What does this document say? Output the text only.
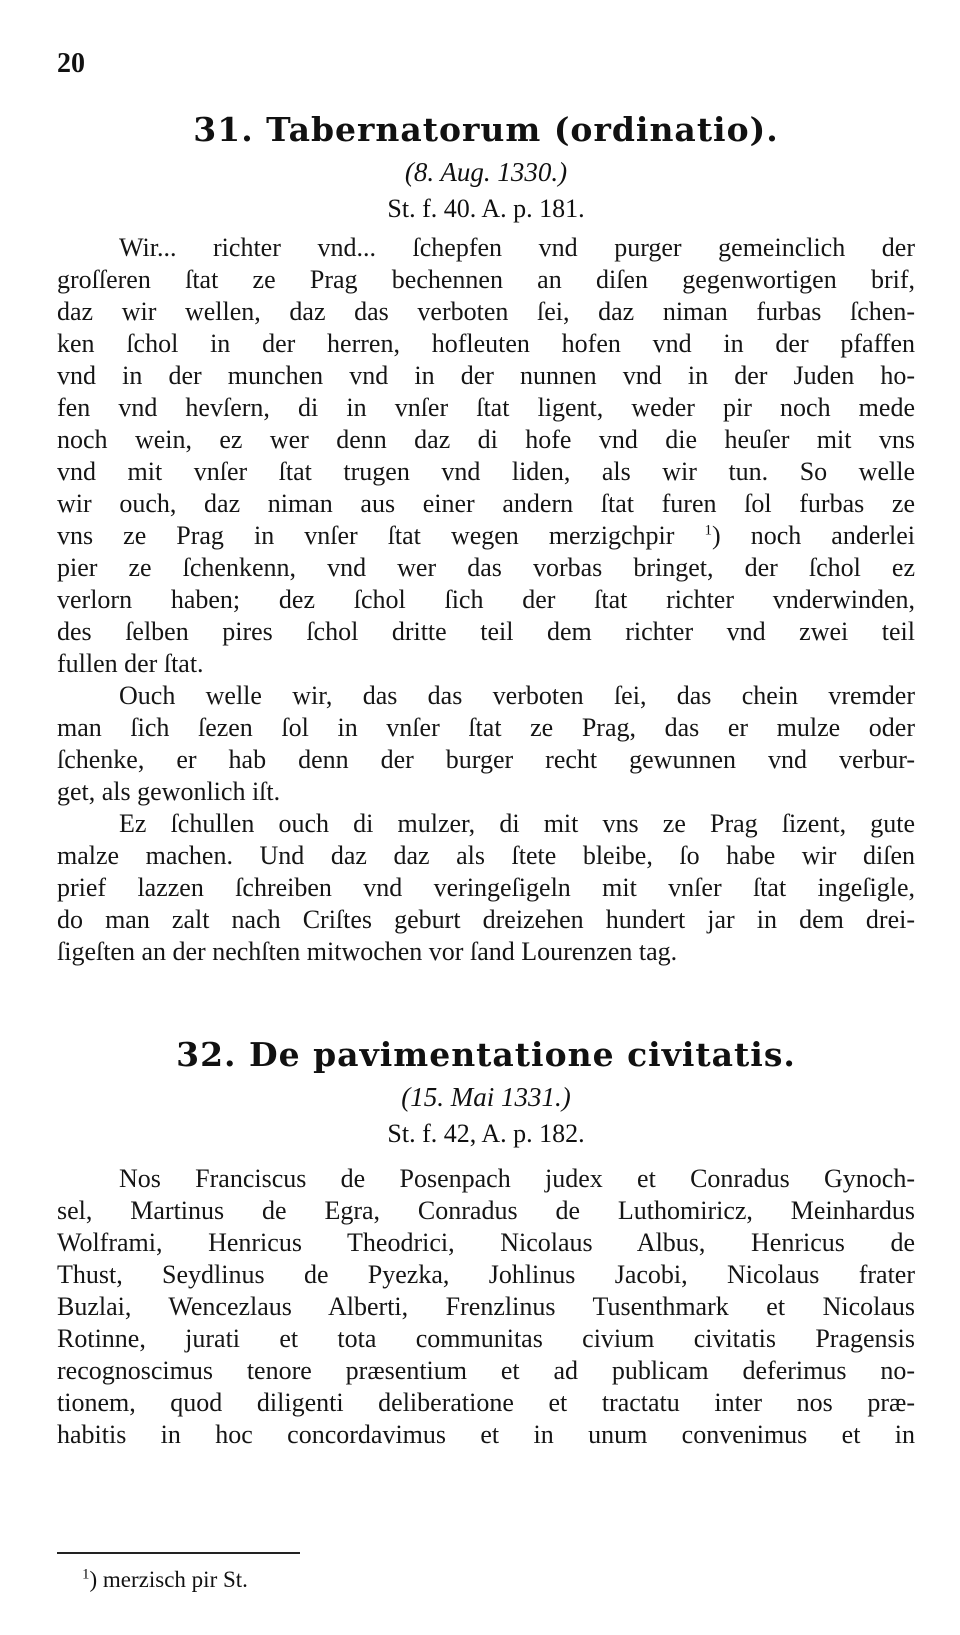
20
31. Tabernatorum (ordinatio).
(8. Aug. 1330.)
St. f. 40. A. p. 181.
Wir... richter vnd... ſchepfen vnd purger gemeinclich der
groſſeren ſtat ze Prag bechennen an diſen gegenwortigen brif,
daz wir wellen, daz das verboten ſei, daz niman furbas ſchen-
ken ſchol in der herren, hofleuten hofen vnd in der pfaffen
vnd in der munchen vnd in der nunnen vnd in der Juden ho-
fen vnd hevſern, di in vnſer ſtat ligent, weder pir noch mede
noch wein, ez wer denn daz di hofe vnd die heuſer mit vns
vnd mit vnſer ſtat trugen vnd liden, als wir tun. So welle
wir ouch, daz niman aus einer andern ſtat furen ſol furbas ze
vns ze Prag in vnſer ſtat wegen merzigchpir $^1$) noch anderlei
pier ze ſchenkenn, vnd wer das vorbas bringet, der ſchol ez
verlorn haben; dez ſchol ſich der ſtat richter vnderwinden,
des ſelben pires ſchol dritte teil dem richter vnd zwei teil
fullen der ſtat.
Ouch welle wir, das das verboten ſei, das chein vremder
man ſich ſezen ſol in vnſer ſtat ze Prag, das er mulze oder
ſchenke, er hab denn der burger recht gewunnen vnd verbur-
get, als gewonlich iſt.
Ez ſchullen ouch di mulzer, di mit vns ze Prag ſizent, gute
malze machen. Und daz daz als ſtete bleibe, ſo habe wir diſen
prief lazzen ſchreiben vnd veringeſigeln mit vnſer ſtat ingeſigle,
do man zalt nach Criſtes geburt dreizehen hundert jar in dem drei-
ſigeſten an der nechſten mitwochen vor ſand Lourenzen tag.
32. De pavimentatione civitatis.
(15. Mai 1331.)
St. f. 42, A. p. 182.
Nos Franciscus de Posenpach judex et Conradus Gynoch-
sel, Martinus de Egra, Conradus de Luthomiricz, Meinhardus
Wolframi, Henricus Theodrici, Nicolaus Albus, Henricus de
Thust, Seydlinus de Pyezka, Johlinus Jacobi, Nicolaus frater
Buzlai, Wencezlaus Alberti, Frenzlinus Tusenthmark et Nicolaus
Rotinne, jurati et tota communitas civium civitatis Pragensis
recognoscimus tenore præsentium et ad publicam deferimus no-
tionem, quod diligenti deliberatione et tractatu inter nos præ-
habitis in hoc concordavimus et in unum convenimus et in
$^1$) merzisch pir St.
